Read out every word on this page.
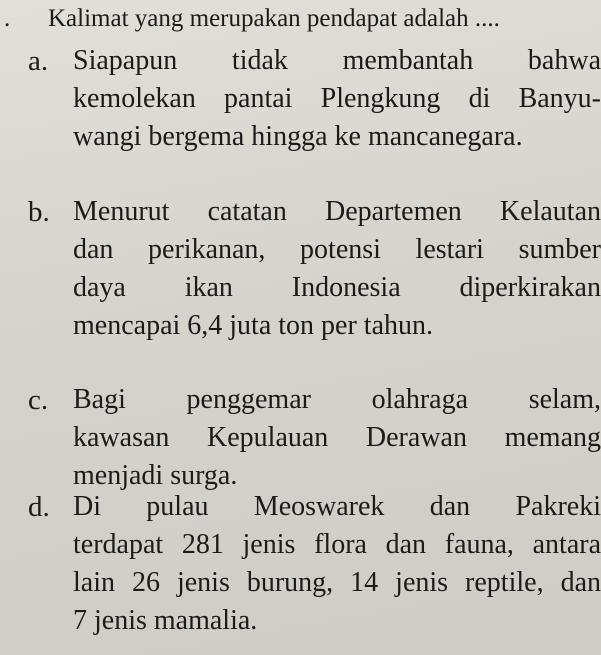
. Kalimat yang merupakan pendapat adalah ....
a. Siapapun tidak membantah bahwa
kemolekan pantai Plengkung di Banyu-
wangi bergema hingga ke mancanegara.
b. Menurut catatan Departemen Kelautan
dan perikanan, potensi lestari sumber
daya ikan Indonesia diperkirakan
mencapai 6,4 juta ton per tahun.
c. Bagi penggemar olahraga selam,
kawasan Kepulauan Derawan memang
menjadi surga.
d. Di pulau Meoswarek dan Pakreki
terdapat 281 jenis flora dan fauna, antara
lain 26 jenis burung, 14 jenis reptile, dan
7 jenis mamalia.
